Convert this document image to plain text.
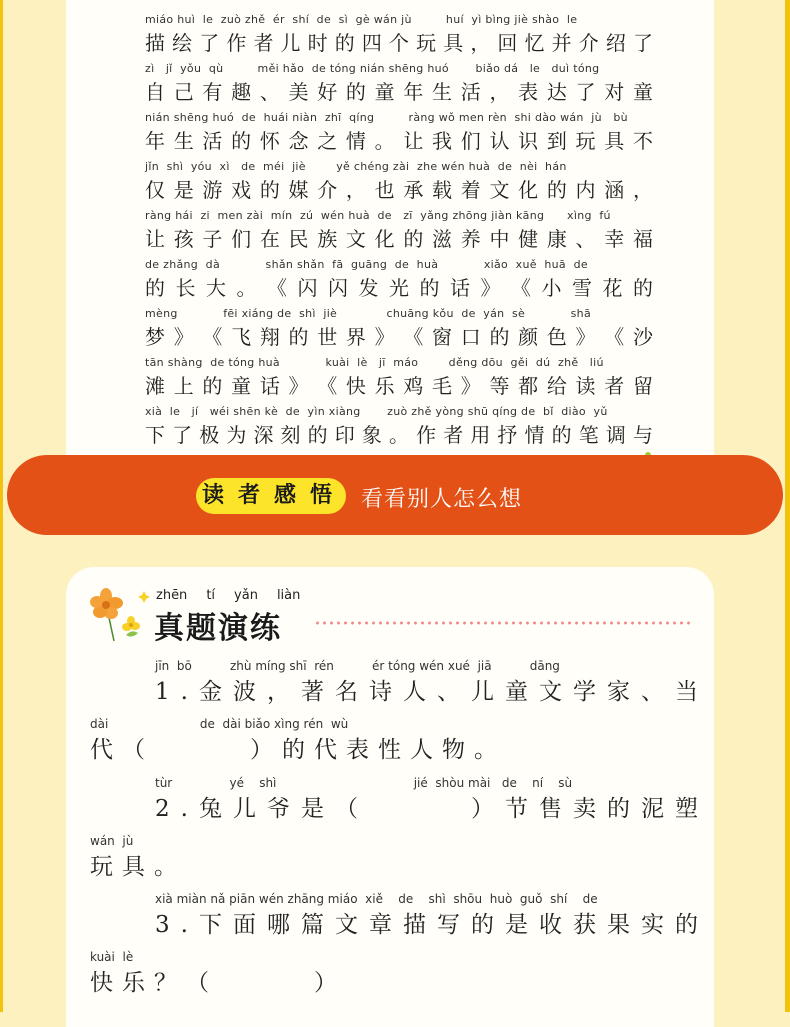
miáo huì  le  zuò zhě  ér  shí  de  sì  gè wán jù         huí  yì bìng jiè shào  le
描 绘 了 作 者 儿 时 的 四 个 玩 具 ， 回 忆 并 介 绍 了
zì   jǐ  yǒu  qù         měi hǎo  de tóng nián shēng huó       biǎo dá   le   duì tóng
自 己 有 趣 、 美 好 的 童 年 生 活 ， 表 达 了 对 童
nián shēng huó  de  huái niàn  zhī  qíng         ràng wǒ men rèn  shi dào wán  jù   bù
年 生 活 的 怀 念 之 情 。 让 我 们 认 识 到 玩 具 不
jǐn  shì  yóu  xì   de  méi  jiè        yě chéng zài  zhe wén huà  de  nèi  hán
仅 是 游 戏 的 媒 介 ， 也 承 载 着 文 化 的 内 涵 ，
ràng hái  zi  men zài  mín  zú  wén huà  de   zī  yǎng zhōng jiàn kāng      xìng  fú
让 孩 子 们 在 民 族 文 化 的 滋 养 中 健 康 、 幸 福
de zhǎng  dà            shǎn shǎn  fā  guāng  de  huà            xiǎo  xuě  huā  de
的 长 大 。 《 闪 闪 发 光 的 话 》 《 小 雪 花 的
mèng            fēi xiáng de  shì  jiè             chuāng kǒu  de  yán  sè            shā
梦 》 《 飞 翔 的 世 界 》 《 窗 口 的 颜 色 》 《 沙
tān shàng  de tóng huà            kuài  lè   jī  máo        děng dōu  gěi  dú  zhě   liú
滩 上 的 童 话 》 《 快 乐 鸡 毛 》 等 都 给 读 者 留
xià  le   jí   wéi shēn kè  de  yìn xiàng       zuò zhě yòng shū qíng de  bǐ  diào  yǔ
下 了 极 为 深 刻 的 印 象 。 作 者 用 抒 情 的 笔 调 与
读 者 感 悟 看看别人怎么想
zhēn tí yǎn liàn
真题演练
jīn  bō          zhù míng shī  rén          ér tóng wén xué  jiā          dāng
1.金波，著名诗人、儿童文学家、当
dài                        de  dài biǎo xìng rén  wù
代（　　　）的代表性人物。
tùr               yé    shì                                    jié  shòu mài   de    ní    sù
2.兔儿爷是（　　　）节售卖的泥塑
wán  jù
玩具。
xià miàn nǎ piān wén zhāng miáo  xiě    de    shì  shōu  huò  guǒ  shí    de
3.下面哪篇文章描写的是收获果实的
kuài  lè
快乐？（　　　）
